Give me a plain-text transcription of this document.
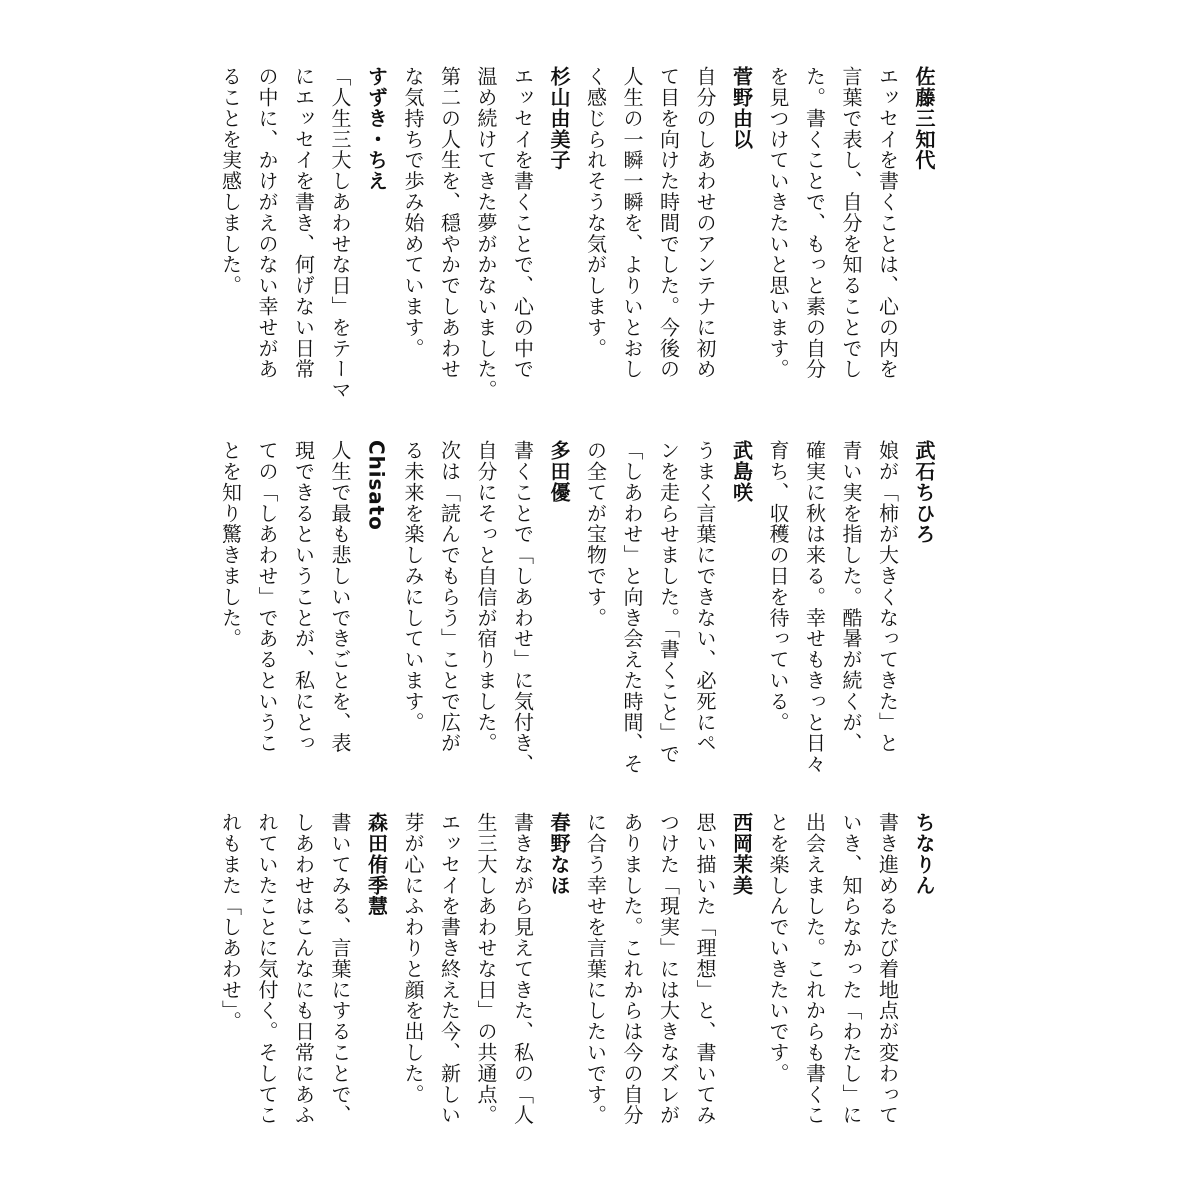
佐藤三知代
エッセイを書くことは、心の内を
言葉で表し、自分を知ることでし
た。書くことで、もっと素の自分
を見つけていきたいと思います。
菅野由以
自分のしあわせのアンテナに初め
て目を向けた時間でした。今後の
人生の一瞬一瞬を、よりいとおし
く感じられそうな気がします。
杉山由美子
エッセイを書くことで、心の中で
温め続けてきた夢がかないました。
第二の人生を、穏やかでしあわせ
な気持ちで歩み始めています。
すずき・ちえ
「人生三大しあわせな日」をテーマ
にエッセイを書き、何げない日常
の中に、かけがえのない幸せがあ
ることを実感しました。
武石ちひろ
娘が「柿が大きくなってきた」と
青い実を指した。酷暑が続くが、
確実に秋は来る。幸せもきっと日々
育ち、収穫の日を待っている。
武島咲
うまく言葉にできない、必死にペ
ンを走らせました。「書くこと」で
「しあわせ」と向き会えた時間、そ
の全てが宝物です。
多田優
書くことで「しあわせ」に気付き、
自分にそっと自信が宿りました。
次は「読んでもらう」ことで広が
る未来を楽しみにしています。
Chisato
人生で最も悲しいできごとを、表
現できるということが、私にとっ
ての「しあわせ」であるというこ
とを知り驚きました。
ちなりん
書き進めるたび着地点が変わって
いき、知らなかった「わたし」に
出会えました。これからも書くこ
とを楽しんでいきたいです。
西岡茉美
思い描いた「理想」と、書いてみ
つけた「現実」には大きなズレが
ありました。これからは今の自分
に合う幸せを言葉にしたいです。
春野なほ
書きながら見えてきた、私の「人
生三大しあわせな日」の共通点。
エッセイを書き終えた今、新しい
芽が心にふわりと顔を出した。
森田侑季慧
書いてみる、言葉にすることで、
しあわせはこんなにも日常にあふ
れていたことに気付く。そしてこ
れもまた「しあわせ」。
